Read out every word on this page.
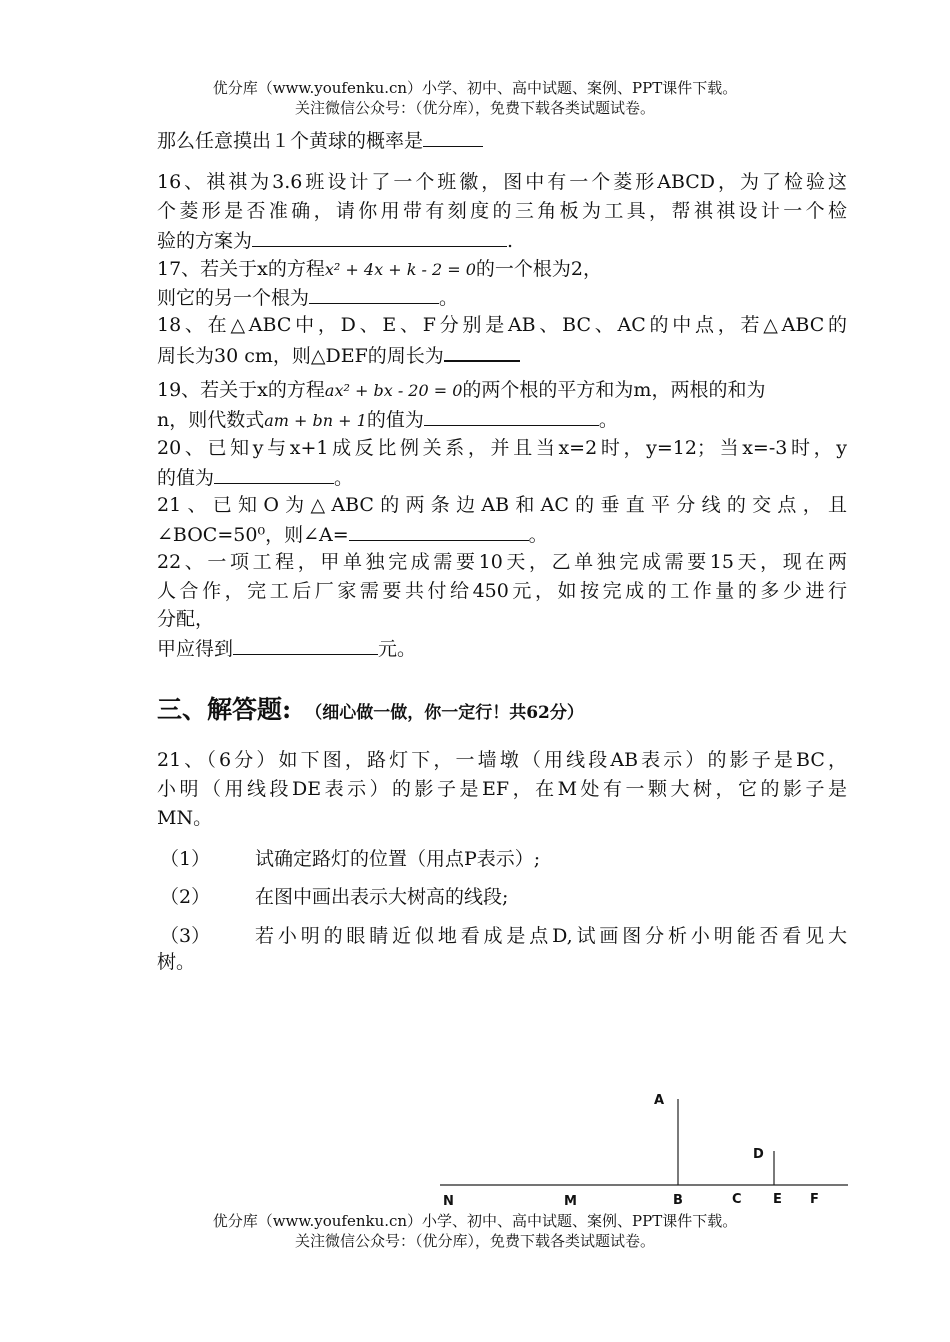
优分库（www.youfenku.cn）小学、初中、高中试题、案例、PPT课件下载。
关注微信公众号：（优分库），免费下载各类试题试卷。
那么任意摸出１个黄球的概率是
16、祺祺为3.6班设计了一个班徽，图中有一个菱形ABCD，为了检验这
个菱形是否准确，请你用带有刻度的三角板为工具，帮祺祺设计一个检
验的方案为	.
17、若关于x的方程x² + 4x + k - 2 = 0的一个根为2，
则它的另一个根为	。
18、在△ABC中，D、E、F分别是AB、BC、AC的中点，若△ABC的
周长为30 cm，则△DEF的周长为
19、若关于x的方程ax² + bx - 20 = 0的两个根的平方和为m，两根的和为
n，则代数式am + bn + 1的值为	。
20、已知y与x+1成反比例关系，并且当x=2时，y=12；当x=-3时，y
的值为	。
21、已知O为△ABC的两条边AB和AC的垂直平分线的交点，且
∠BOC=50⁰，则∠A=	。
22、一项工程，甲单独完成需要10天，乙单独完成需要15天，现在两
人合作，完工后厂家需要共付给450元，如按完成的工作量的多少进行
分配，
甲应得到	元。
三、解答题: （细心做一做，你一定行！共62分）
21、（6分）如下图，路灯下，一墙墩（用线段AB表示）的影子是BC，
小明（用线段DE表示）的影子是EF，在M处有一颗大树，它的影子是
MN。
（1） 试确定路灯的位置（用点P表示）;
（2） 在图中画出表示大树高的线段;
（3） 若小明的眼睛近似地看成是点D,试画图分析小明能否看见大
树。
A
D
N	M	B	C E F
优分库（www.youfenku.cn）小学、初中、高中试题、案例、PPT课件下载。
关注微信公众号：（优分库），免费下载各类试题试卷。
